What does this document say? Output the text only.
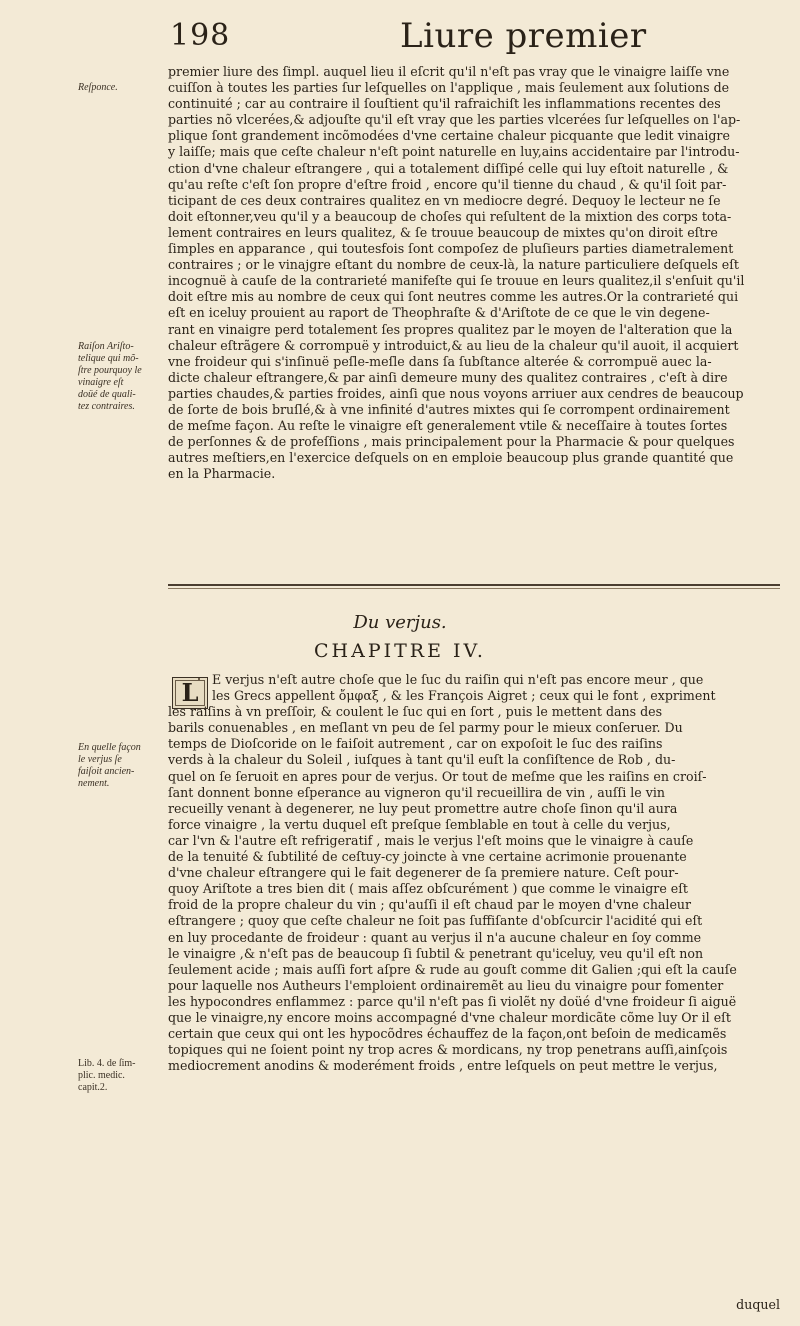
198	Liure premier
Reſponce.
Raiſon Ariſto-
telique qui mõ-
ſtre pourquoy le
vinaigre eſt
doüé de quali-
tez contraires.
En quelle façon
le verjus ſe
faiſoit ancien-
nement.
Lib. 4. de ſim-
plic. medic.
capit.2.
premier liure des ſimpl. auquel lieu il eſcrit qu'il n'eſt pas vray que le vinaigre laiſſe vne
cuiſſon à toutes les parties ſur leſquelles on l'applique , mais ſeulement aux ſolutions de
continuité ; car au contraire il ſouſtient qu'il rafraichiſt les inflammations recentes des
parties nõ vlcerées,& adjouſte qu'il eſt vray que les parties vlcerées ſur leſquelles on l'ap-
plique ſont grandement incõmodées d'vne certaine chaleur picquante que ledit vinaigre
y laiſſe; mais que ceſte chaleur n'eſt point naturelle en luy,ains accidentaire par l'introdu-
ction d'vne chaleur eſtrangere , qui a totalement diſſipé celle qui luy eſtoit naturelle , &
qu'au reſte c'eſt ſon propre d'eſtre froid , encore qu'il tienne du chaud , & qu'il ſoit par-
ticipant de ces deux contraires qualitez en vn mediocre degré. Dequoy le lecteur ne ſe
doit eſtonner,veu qu'il y a beaucoup de choſes qui reſultent de la mixtion des corps tota-
lement contraires en leurs qualitez, & ſe trouue beaucoup de mixtes qu'on diroit eſtre
ſimples en apparance , qui toutesfois ſont compoſez de pluſieurs parties diametralement
contraires ; or le vinajgre eſtant du nombre de ceux-là, la nature particuliere deſquels eſt
incognuë à cauſe de la contrarieté manifeſte qui ſe trouue en leurs qualitez,il s'enſuit qu'il
doit eſtre mis au nombre de ceux qui ſont neutres comme les autres.Or la contrarieté qui
eſt en iceluy prouient au raport de Theophraſte & d'Ariſtote de ce que le vin degene-
rant en vinaigre perd totalement ſes propres qualitez par le moyen de l'alteration que la
chaleur eſtrãgere & corrompuë y introduict,& au lieu de la chaleur qu'il auoit, il acquiert
vne froideur qui s'inſinuë peſle-meſle dans ſa ſubſtance alterée & corrompuë auec la-
dicte chaleur eſtrangere,& par ainſi demeure muny des qualitez contraires , c'eſt à dire
parties chaudes,& parties froides, ainſi que nous voyons arriuer aux cendres de beaucoup
de ſorte de bois bruſlé,& à vne infinité d'autres mixtes qui ſe corrompent ordinairement
de meſme façon. Au reſte le vinaigre eſt generalement vtile & neceſſaire à toutes ſortes
de perſonnes & de profeſſions , mais principalement pour la Pharmacie & pour quelques
autres meſtiers,en l'exercice deſquels on en emploie beaucoup plus grande quantité que
en la Pharmacie.
Du verjus.
CHAPITRE IV.
L	E verjus n'eſt autre choſe que le ſuc du raiſin qui n'eſt pas encore meur , que
les Grecs appellent ὄμφαξ , & les François Aigret ; ceux qui le font , expriment
les raiſins à vn preſſoir, & coulent le ſuc qui en ſort , puis le mettent dans des
barils conuenables , en meſlant vn peu de ſel parmy pour le mieux conſeruer. Du
temps de Dioſcoride on le faiſoit autrement , car on expoſoit le ſuc des raiſins
verds à la chaleur du Soleil , iuſques à tant qu'il euſt la conſiſtence de Rob , du-
quel on ſe ſeruoit en apres pour de verjus. Or tout de meſme que les raiſins en croiſ-
ſant donnent bonne eſperance au vigneron qu'il recueillira de vin , auſſi le vin
recueilly venant à degenerer, ne luy peut promettre autre choſe ſinon qu'il aura
force vinaigre , la vertu duquel eſt preſque ſemblable en tout à celle du verjus,
car l'vn & l'autre eſt refrigeratif , mais le verjus l'eſt moins que le vinaigre à cauſe
de la tenuité & ſubtilité de ceſtuy-cy joincte à vne certaine acrimonie prouenante
d'vne chaleur eſtrangere qui le fait degenerer de ſa premiere nature. Ceſt pour-
quoy Ariſtote a tres bien dit ( mais aſſez obſcurément ) que comme le vinaigre eſt
froid de la propre chaleur du vin ; qu'auſſi il eſt chaud par le moyen d'vne chaleur
eſtrangere ; quoy que ceſte chaleur ne ſoit pas ſuffiſante d'obſcurcir l'acidité qui eſt
en luy procedante de froideur : quant au verjus il n'a aucune chaleur en ſoy comme
le vinaigre ,& n'eſt pas de beaucoup ſi ſubtil & penetrant qu'iceluy, veu qu'il eſt non
ſeulement acide ; mais auſſi fort aſpre & rude au gouſt comme dit Galien ;qui eſt la cauſe
pour laquelle nos Autheurs l'emploient ordinairemẽt au lieu du vinaigre pour fomenter
les hypocondres enflammez : parce qu'il n'eſt pas ſi violẽt ny doüé d'vne froideur ſi aiguë
que le vinaigre,ny encore moins accompagné d'vne chaleur mordicãte cõme luy Or il eſt
certain que ceux qui ont les hypocõdres échauffez de la façon,ont beſoin de medicamẽs
topiques qui ne ſoient point ny trop acres & mordicans, ny trop penetrans auſſi,ainſçois
mediocrement anodins & moderément froids , entre leſquels on peut mettre le verjus,
duquel
